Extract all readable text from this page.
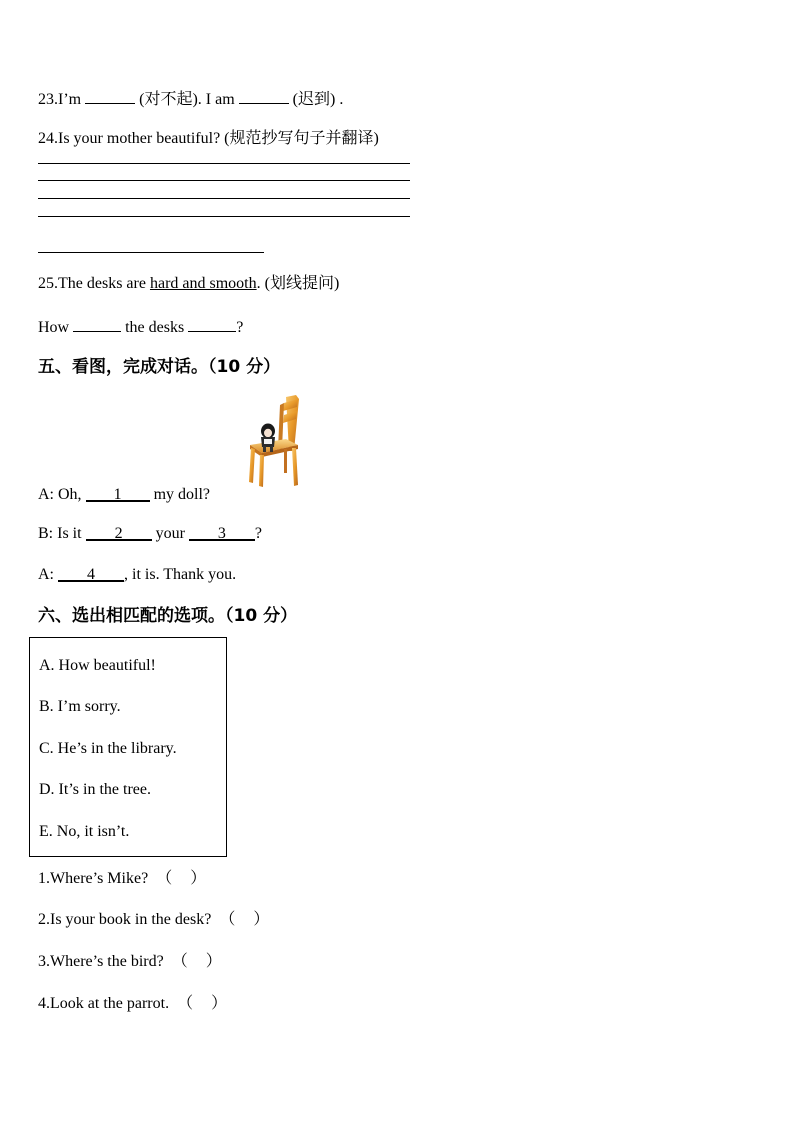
23.I’m	(对不起). I am	(迟到) .
24.Is your mother beautiful? (规范抄写句子并翻译)
25.The desks are hard and smooth. (划线提问)
How	the desks	?
五、看图，完成对话。（10 分）
A: Oh, 1 my doll?
B: Is it 2 your 3 ?
A: 4 , it is. Thank you.
六、选出相匹配的选项。（10 分）
A. How beautiful!
B. I’m sorry.
C. He’s in the library.
D. It’s in the tree.
E. No, it isn’t.
1.Where’s Mike? （ ）
2.Is your book in the desk? （ ）
3.Where’s the bird? （ ）
4.Look at the parrot. （ ）
